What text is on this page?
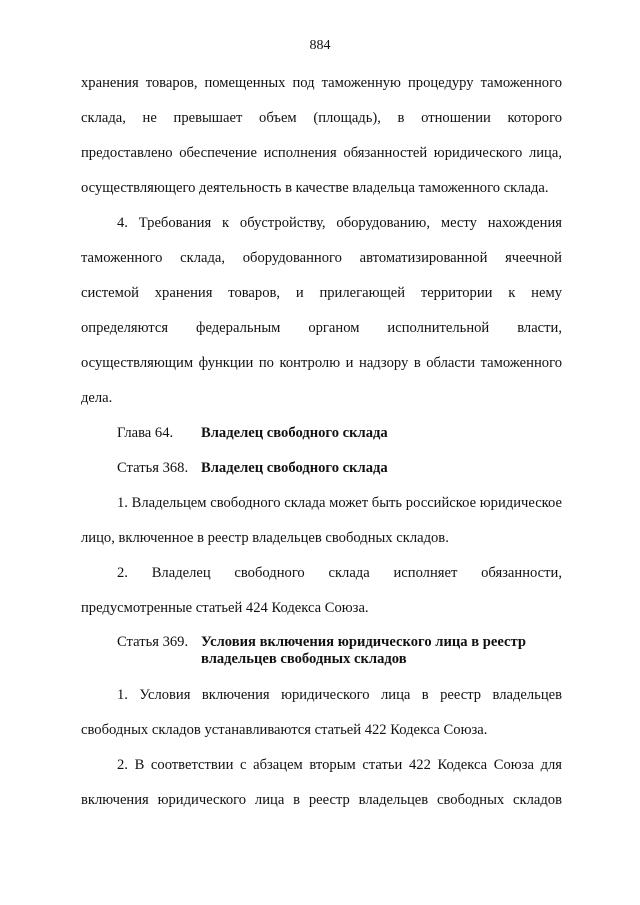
884

хранения товаров, помещенных под таможенную процедуру таможенного склада, не превышает объем (площадь), в отношении которого предоставлено обеспечение исполнения обязанностей юридического лица, осуществляющего деятельность в качестве владельца таможенного склада.

4. Требования к обустройству, оборудованию, месту нахождения таможенного склада, оборудованного автоматизированной ячеечной системой хранения товаров, и прилегающей территории к нему определяются федеральным органом исполнительной власти, осуществляющим функции по контролю и надзору в области таможенного дела.

Глава 64.	Владелец свободного склада
Статья 368. Владелец свободного склада

1. Владельцем свободного склада может быть российское юридическое лицо, включенное в реестр владельцев свободных складов.

2. Владелец свободного склада исполняет обязанности, предусмотренные статьей 424 Кодекса Союза.

Статья 369. Условия включения юридического лица в реестр владельцев свободных складов

1. Условия включения юридического лица в реестр владельцев свободных складов устанавливаются статьей 422 Кодекса Союза.

2. В соответствии с абзацем вторым статьи 422 Кодекса Союза для включения юридического лица в реестр владельцев свободных складов
